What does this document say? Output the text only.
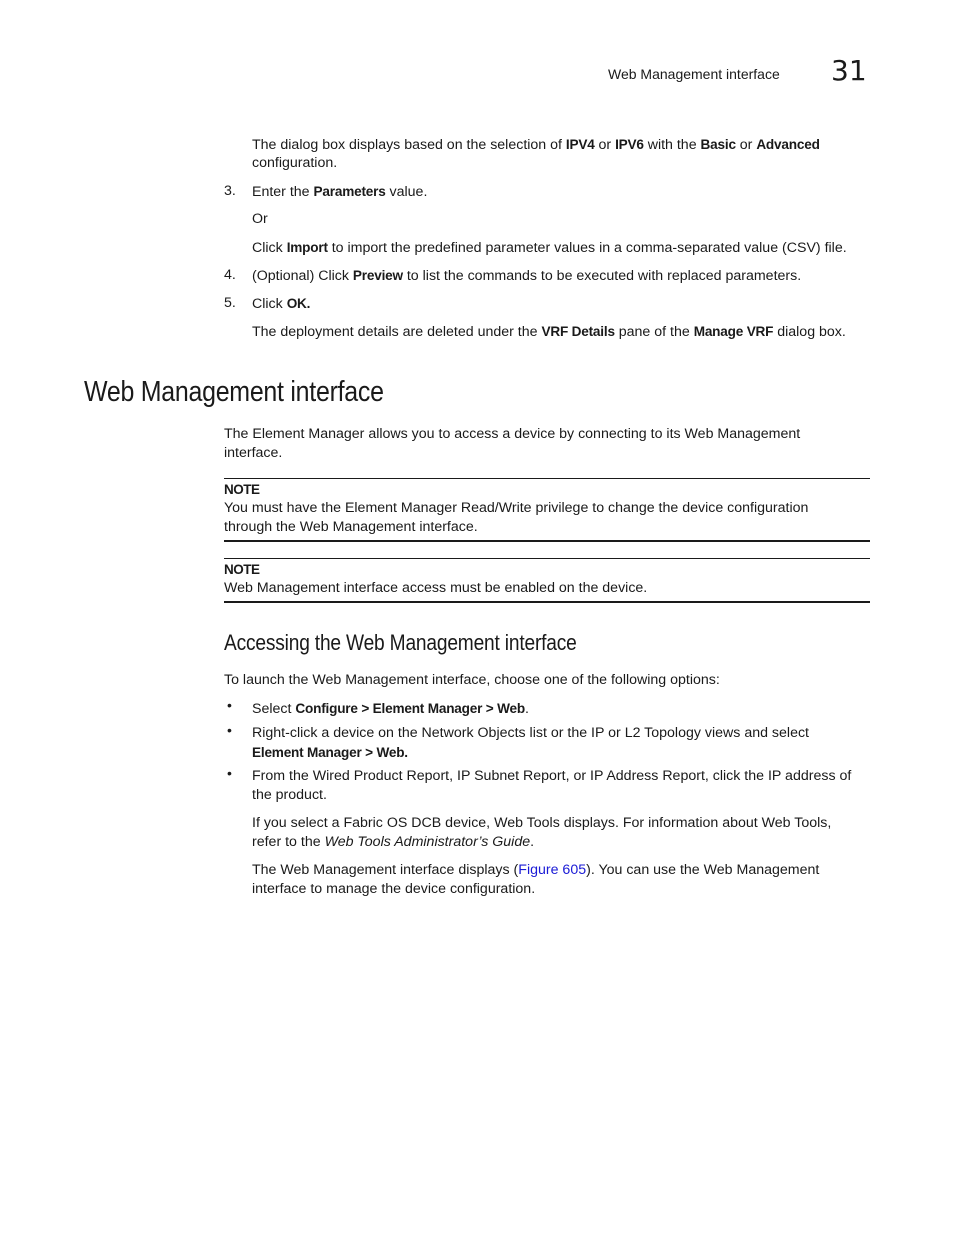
Web Management interface 31
The dialog box displays based on the selection of IPV4 or IPV6 with the Basic or Advanced
configuration.
3. Enter the Parameters value.
Or
Click Import to import the predefined parameter values in a comma-separated value (CSV) file.
4. (Optional) Click Preview to list the commands to be executed with replaced parameters.
5. Click OK.
The deployment details are deleted under the VRF Details pane of the Manage VRF dialog box.
Web Management interface
The Element Manager allows you to access a device by connecting to its Web Management
interface.
NOTE
You must have the Element Manager Read/Write privilege to change the device configuration
through the Web Management interface.
NOTE
Web Management interface access must be enabled on the device.
Accessing the Web Management interface
To launch the Web Management interface, choose one of the following options:
• Select Configure > Element Manager > Web.
• Right-click a device on the Network Objects list or the IP or L2 Topology views and select
Element Manager > Web.
• From the Wired Product Report, IP Subnet Report, or IP Address Report, click the IP address of
the product.
If you select a Fabric OS DCB device, Web Tools displays. For information about Web Tools,
refer to the Web Tools Administrator’s Guide.
The Web Management interface displays (Figure 605). You can use the Web Management
interface to manage the device configuration.
